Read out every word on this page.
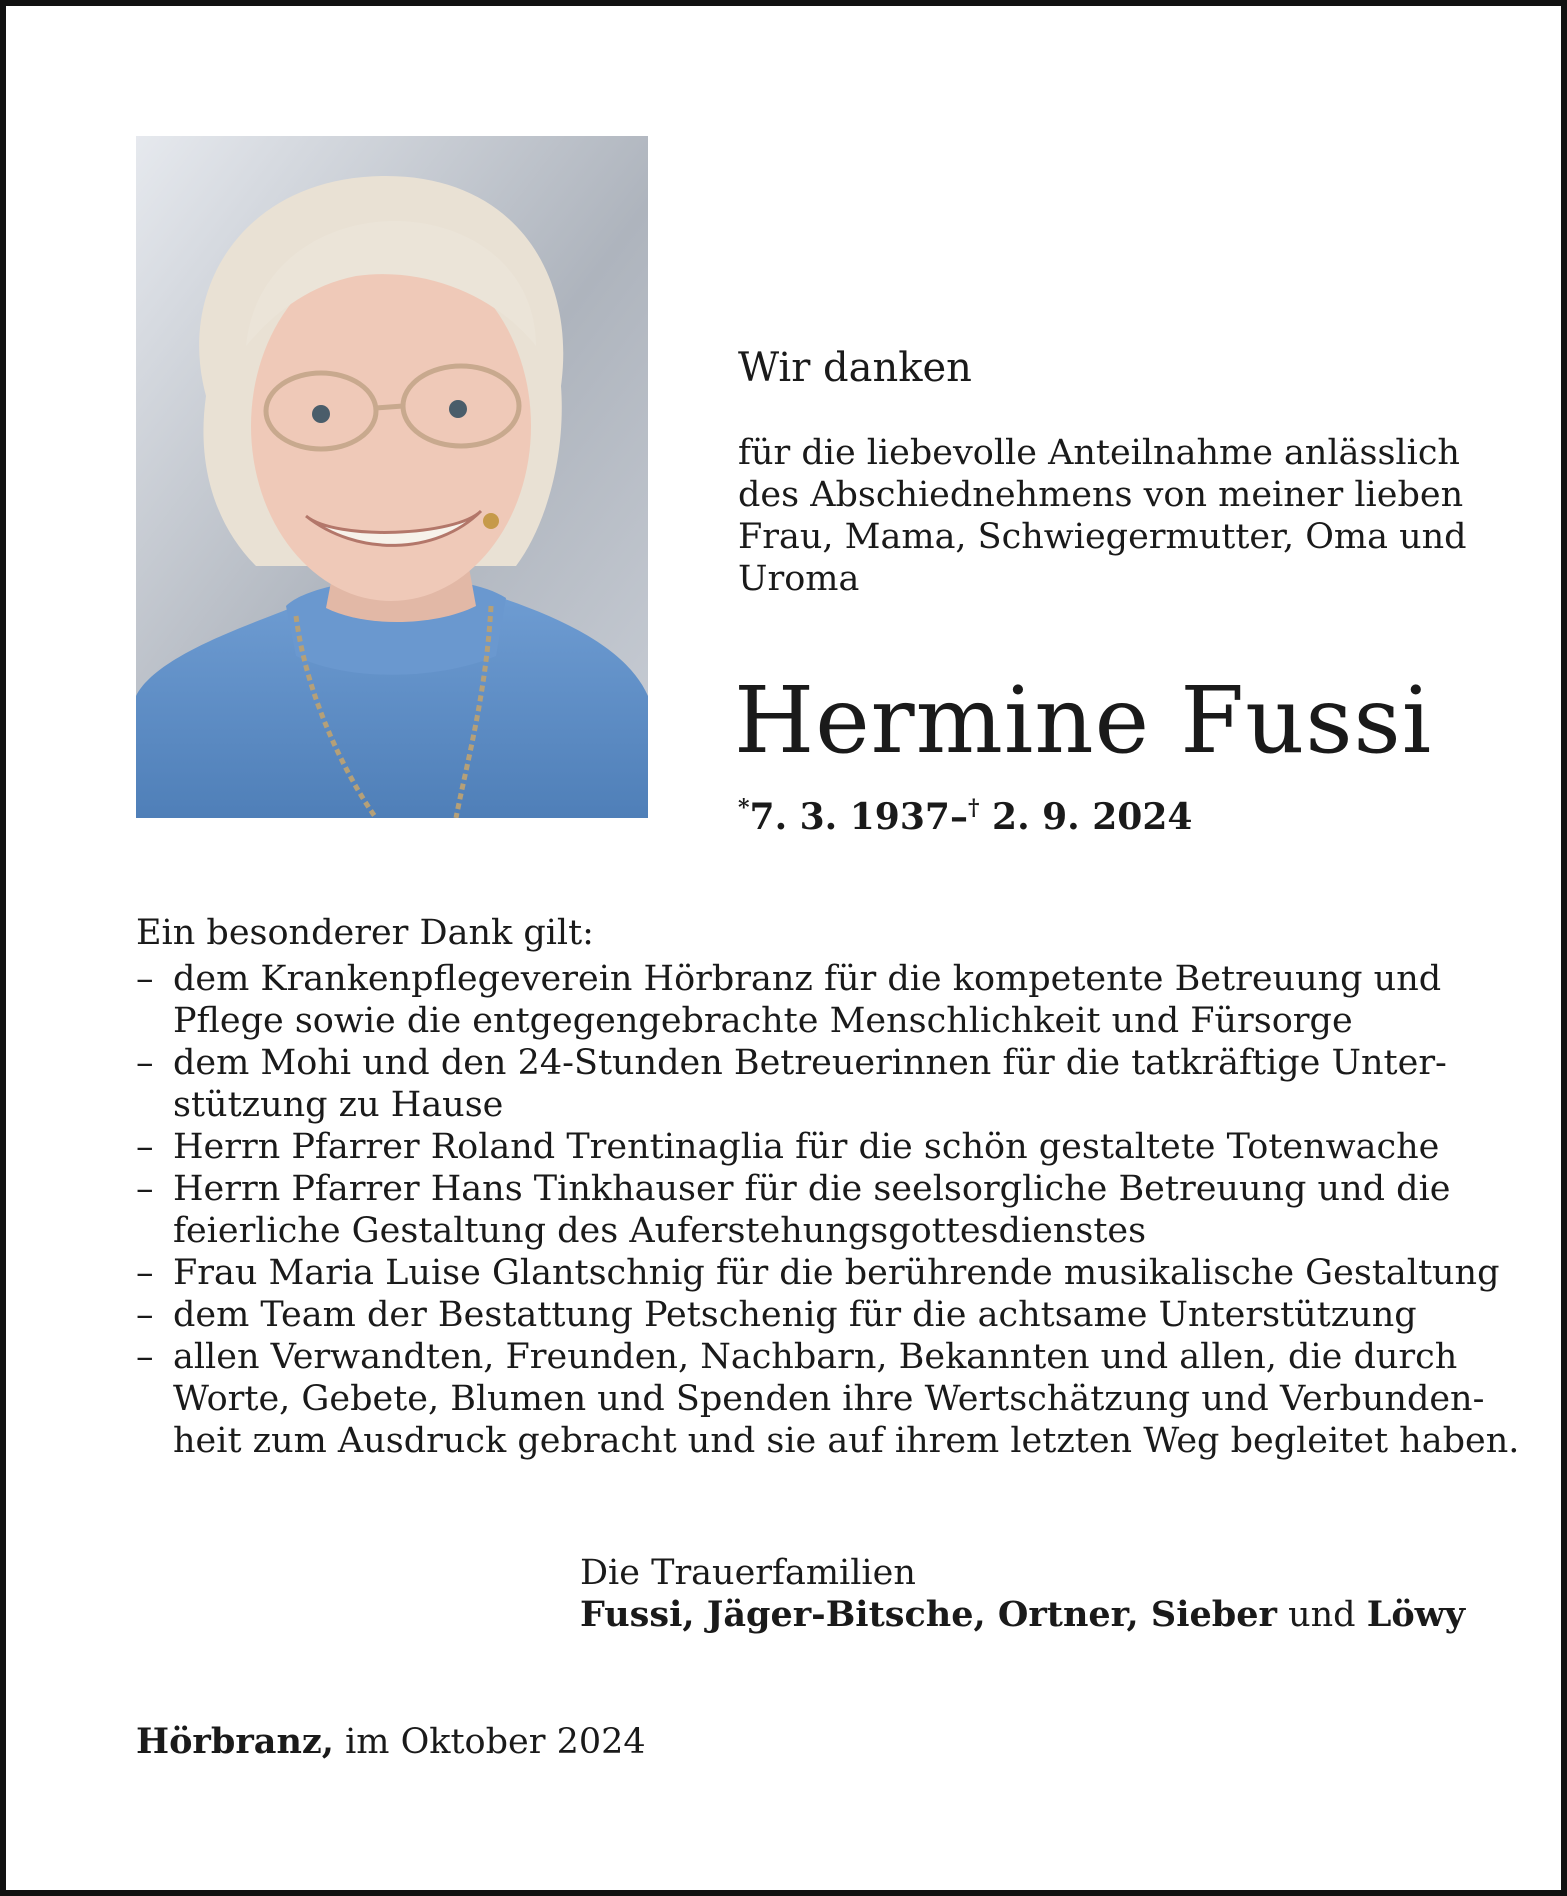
Wir danken

für die liebevolle Anteilnahme anlässlich
des Abschiednehmens von meiner lieben
Frau, Mama, Schwiegermutter, Oma und
Uroma

Hermine Fussi
*7. 3. 1937–† 2. 9. 2024

Ein besonderer Dank gilt:

– dem Krankenpflegeverein Hörbranz für die kompetente Betreuung und
Pflege sowie die entgegengebrachte Menschlichkeit und Fürsorge
– dem Mohi und den 24-Stunden Betreuerinnen für die tatkräftige Unter-
stützung zu Hause
– Herrn Pfarrer Roland Trentinaglia für die schön gestaltete Totenwache
– Herrn Pfarrer Hans Tinkhauser für die seelsorgliche Betreuung und die
feierliche Gestaltung des Auferstehungsgottesdienstes
– Frau Maria Luise Glantschnig für die berührende musikalische Gestaltung
– dem Team der Bestattung Petschenig für die achtsame Unterstützung
– allen Verwandten, Freunden, Nachbarn, Bekannten und allen, die durch
Worte, Gebete, Blumen und Spenden ihre Wertschätzung und Verbunden-
heit zum Ausdruck gebracht und sie auf ihrem letzten Weg begleitet haben.
Die Trauerfamilien
Fussi, Jäger-Bitsche, Ortner, Sieber und Löwy
Hörbranz, im Oktober 2024
